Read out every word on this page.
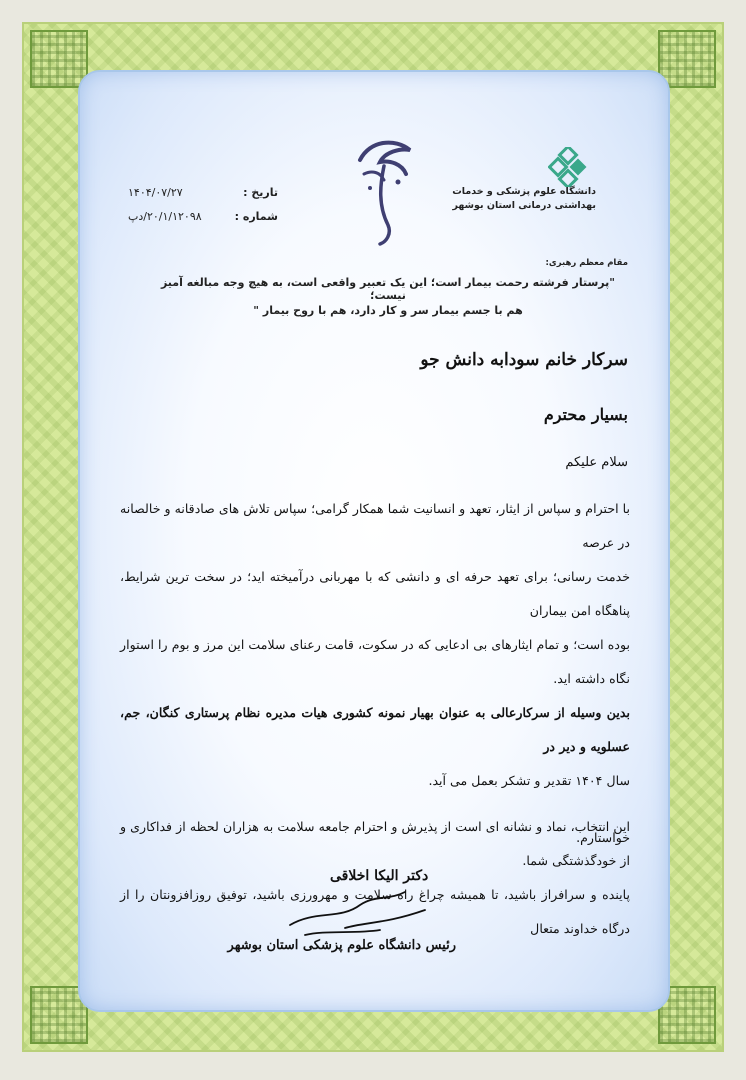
دانشگاه علوم پزشکی و خدمات
بهداشتی درمانی استان بوشهر
تاریخ :
۱۴۰۴/۰۷/۲۷
شماره :
۲۰/۱/۱۲۰۹۸/دپ
مقام معظم رهبری:
"پرستار فرشته رحمت بیمار است؛ این یک تعبیر واقعی است، به هیچ وجه مبالغه آمیز نیست؛
هم با جسم بیمار سر و کار دارد، هم با روح بیمار "
سرکار خانم سودابه دانش جو
بسیار محترم
سلام علیکم

با احترام و سپاس از ایثار، تعهد و انسانیت شما همکار گرامی؛ سپاس تلاش های صادقانه و خالصانه در عرصه

خدمت رسانی؛ برای تعهد حرفه ای و دانشی که با مهربانی درآمیخته اید؛ در سخت ترین شرایط، پناهگاه امن بیماران

بوده است؛ و تمام ایثارهای بی ادعایی که در سکوت، قامت رعنای سلامت این مرز و بوم را استوار نگاه داشته اید.

بدین وسیله از سرکارعالی به عنوان بهیار نمونه کشوری هیات مدیره نظام پرستاری کنگان، جم، عسلویه و دیر در

سال ۱۴۰۴ تقدیر و تشکر بعمل می آید.

این انتخاب، نماد و نشانه ای است از پذیرش و احترام جامعه سلامت به هزاران لحظه از فداکاری و از خودگذشتگی شما.

پاینده و سرافراز باشید، تا همیشه چراغ راه سلامت و مهرورزی باشید، توفیق روزافزونتان را از درگاه خداوند متعال

خواستارم.
دکتر الیکا اخلاقی
رئیس دانشگاه علوم پزشکی استان بوشهر
